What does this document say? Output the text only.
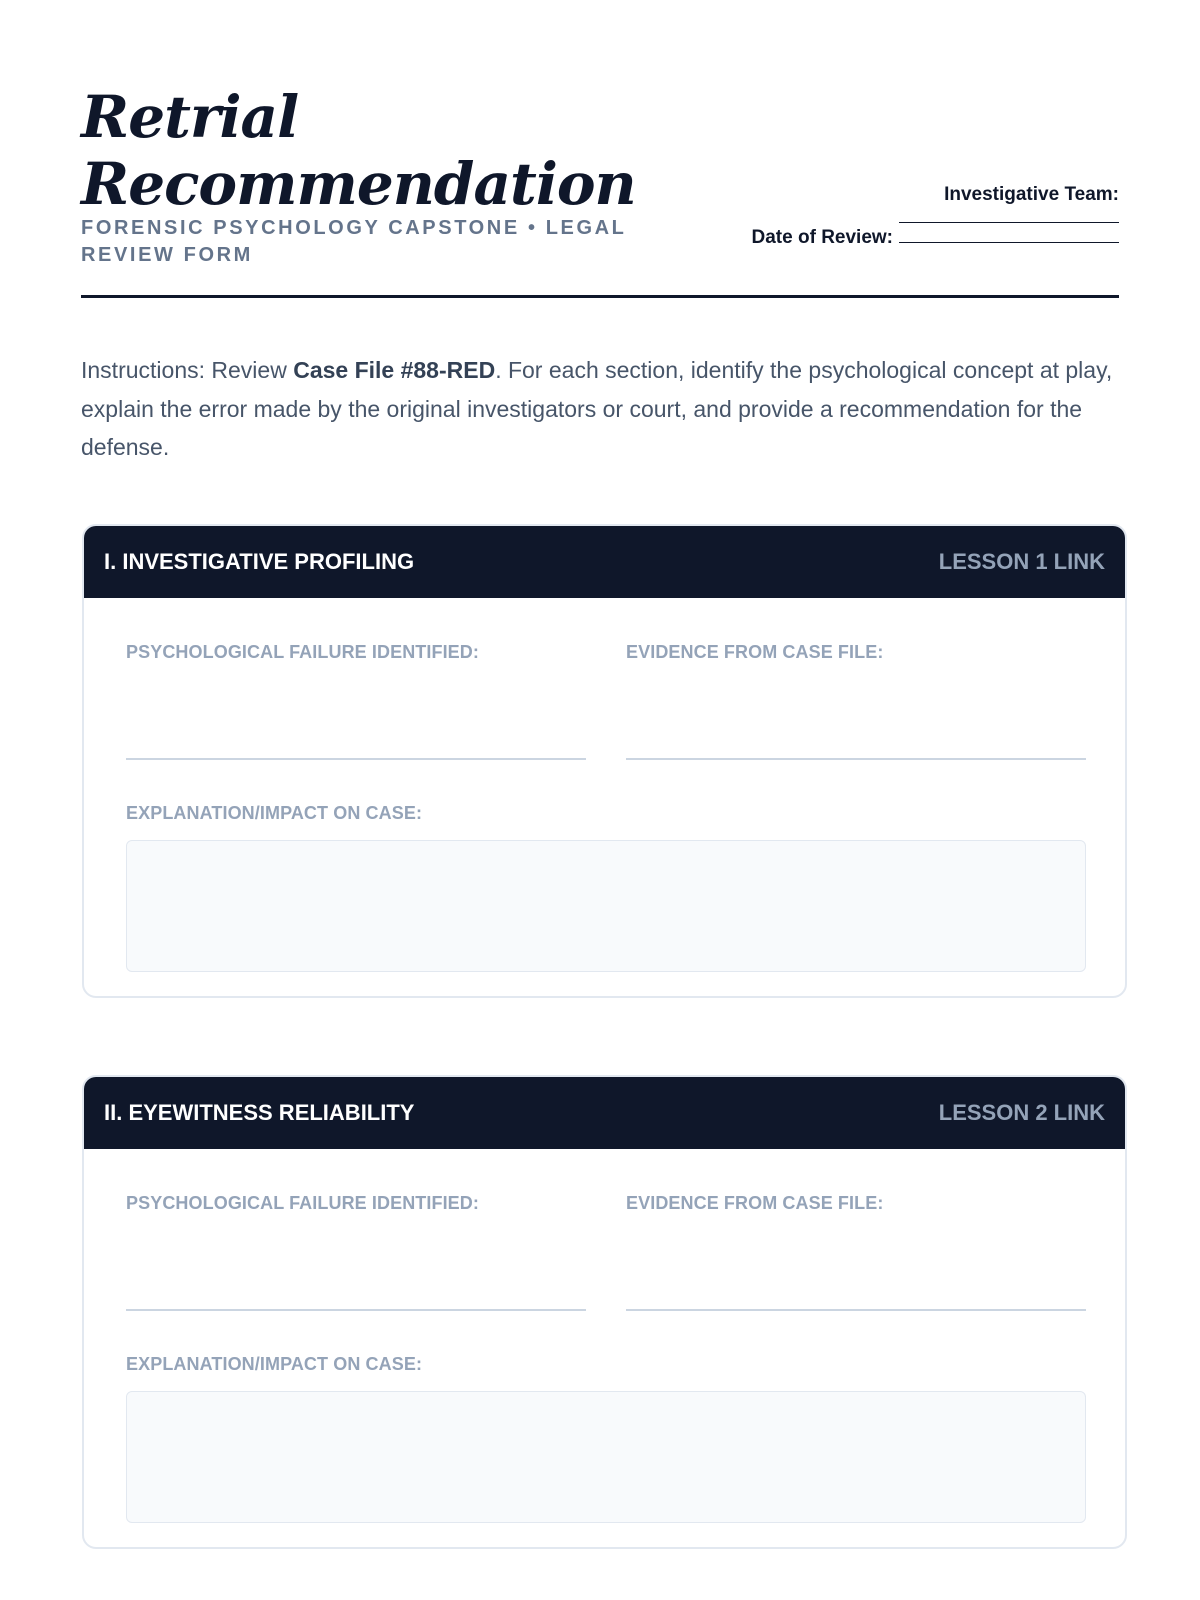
Retrial
Recommendation
FORENSIC PSYCHOLOGY CAPSTONE • LEGAL REVIEW FORM
Investigative Team:
Date of Review:

Instructions: Review Case File #88-RED. For each section, identify the psychological concept at play, explain the error made by the original investigators or court, and provide a recommendation for the defense.

I. INVESTIGATIVE PROFILING	LESSON 1 LINK
PSYCHOLOGICAL FAILURE IDENTIFIED:	EVIDENCE FROM CASE FILE:
EXPLANATION/IMPACT ON CASE:
II. EYEWITNESS RELIABILITY	LESSON 2 LINK
PSYCHOLOGICAL FAILURE IDENTIFIED:	EVIDENCE FROM CASE FILE:
EXPLANATION/IMPACT ON CASE:
